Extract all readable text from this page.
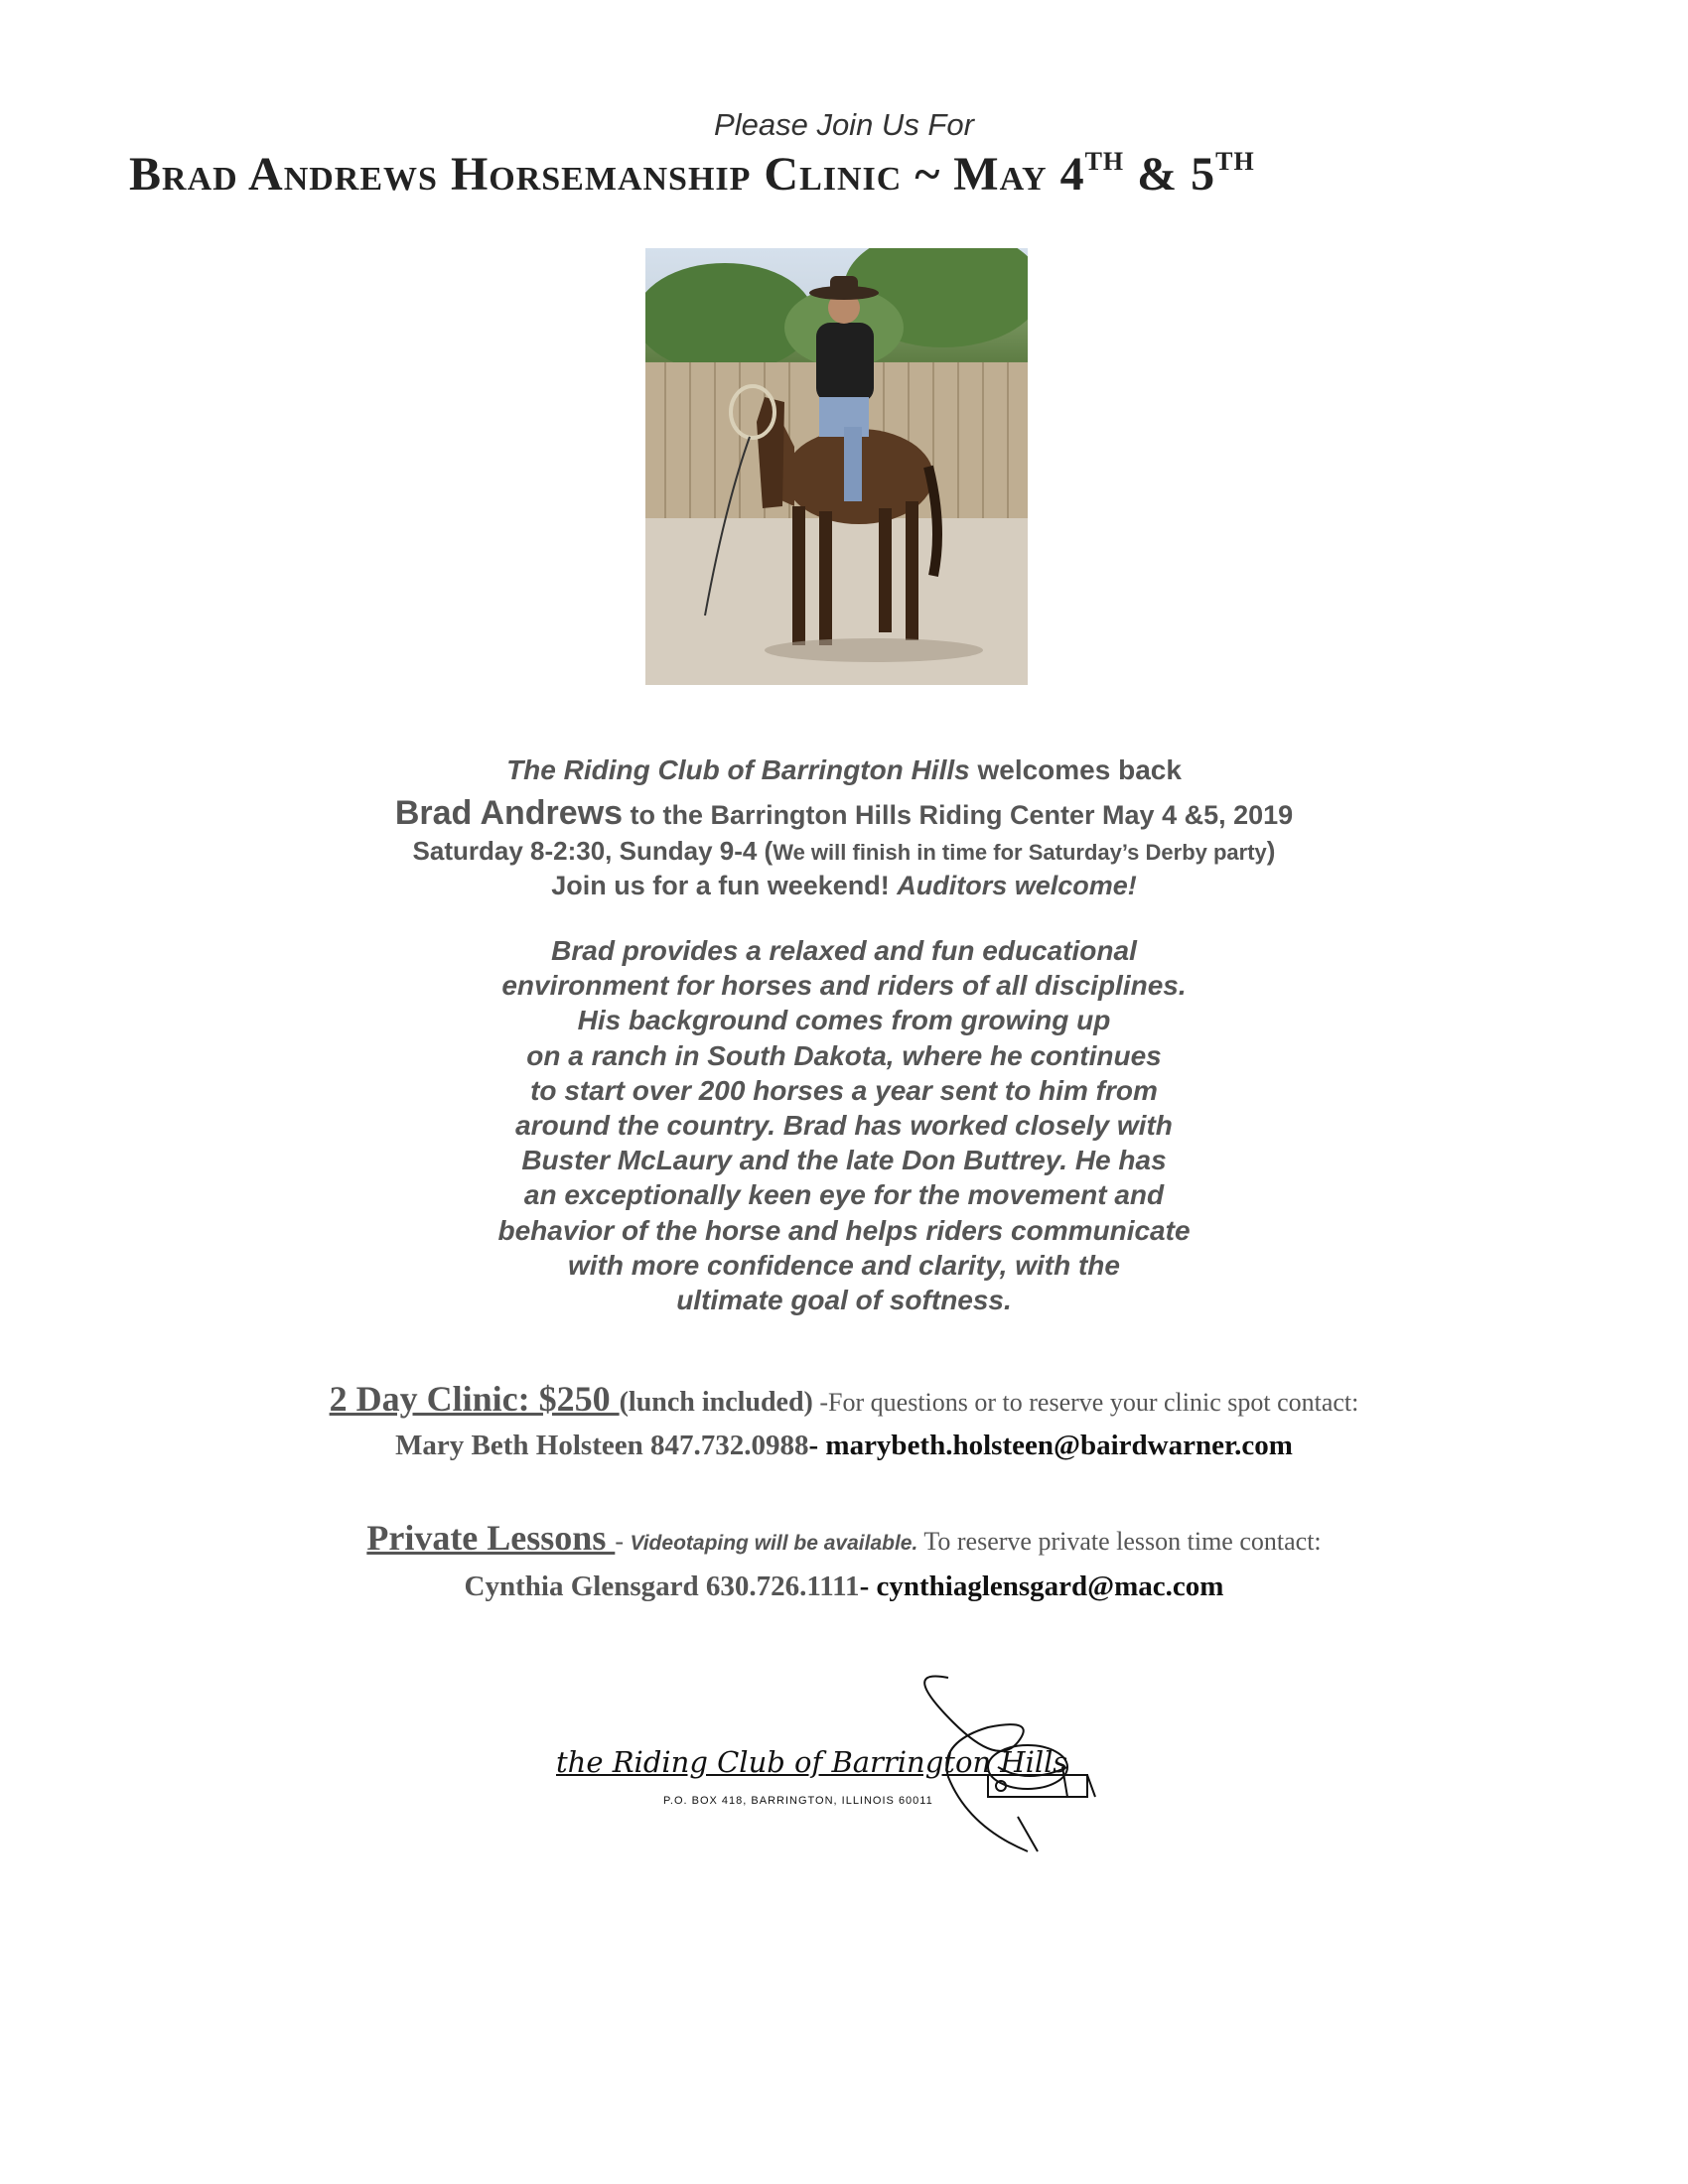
Please Join Us For
Brad Andrews Horsemanship Clinic ~ May 4TH & 5TH
The Riding Club of Barrington Hills welcomes back
Brad Andrews to the Barrington Hills Riding Center May 4 &5, 2019
Saturday 8-2:30, Sunday 9-4 (We will finish in time for Saturday’s Derby party)
Join us for a fun weekend! Auditors welcome!
Brad provides a relaxed and fun educational
environment for horses and riders of all disciplines.
His background comes from growing up
on a ranch in South Dakota, where he continues
to start over 200 horses a year sent to him from
around the country. Brad has worked closely with
Buster McLaury and the late Don Buttrey. He has
an exceptionally keen eye for the movement and
behavior of the horse and helps riders communicate
with more confidence and clarity, with the
ultimate goal of softness.
2 Day Clinic: $250 (lunch included) -For questions or to reserve your clinic spot contact:
Mary Beth Holsteen 847.732.0988- marybeth.holsteen@bairdwarner.com
Private Lessons - Videotaping will be available. To reserve private lesson time contact:
Cynthia Glensgard 630.726.1111- cynthiaglensgard@mac.com
the Riding Club of Barrington Hills
P.O. BOX 418, BARRINGTON, ILLINOIS 60011
